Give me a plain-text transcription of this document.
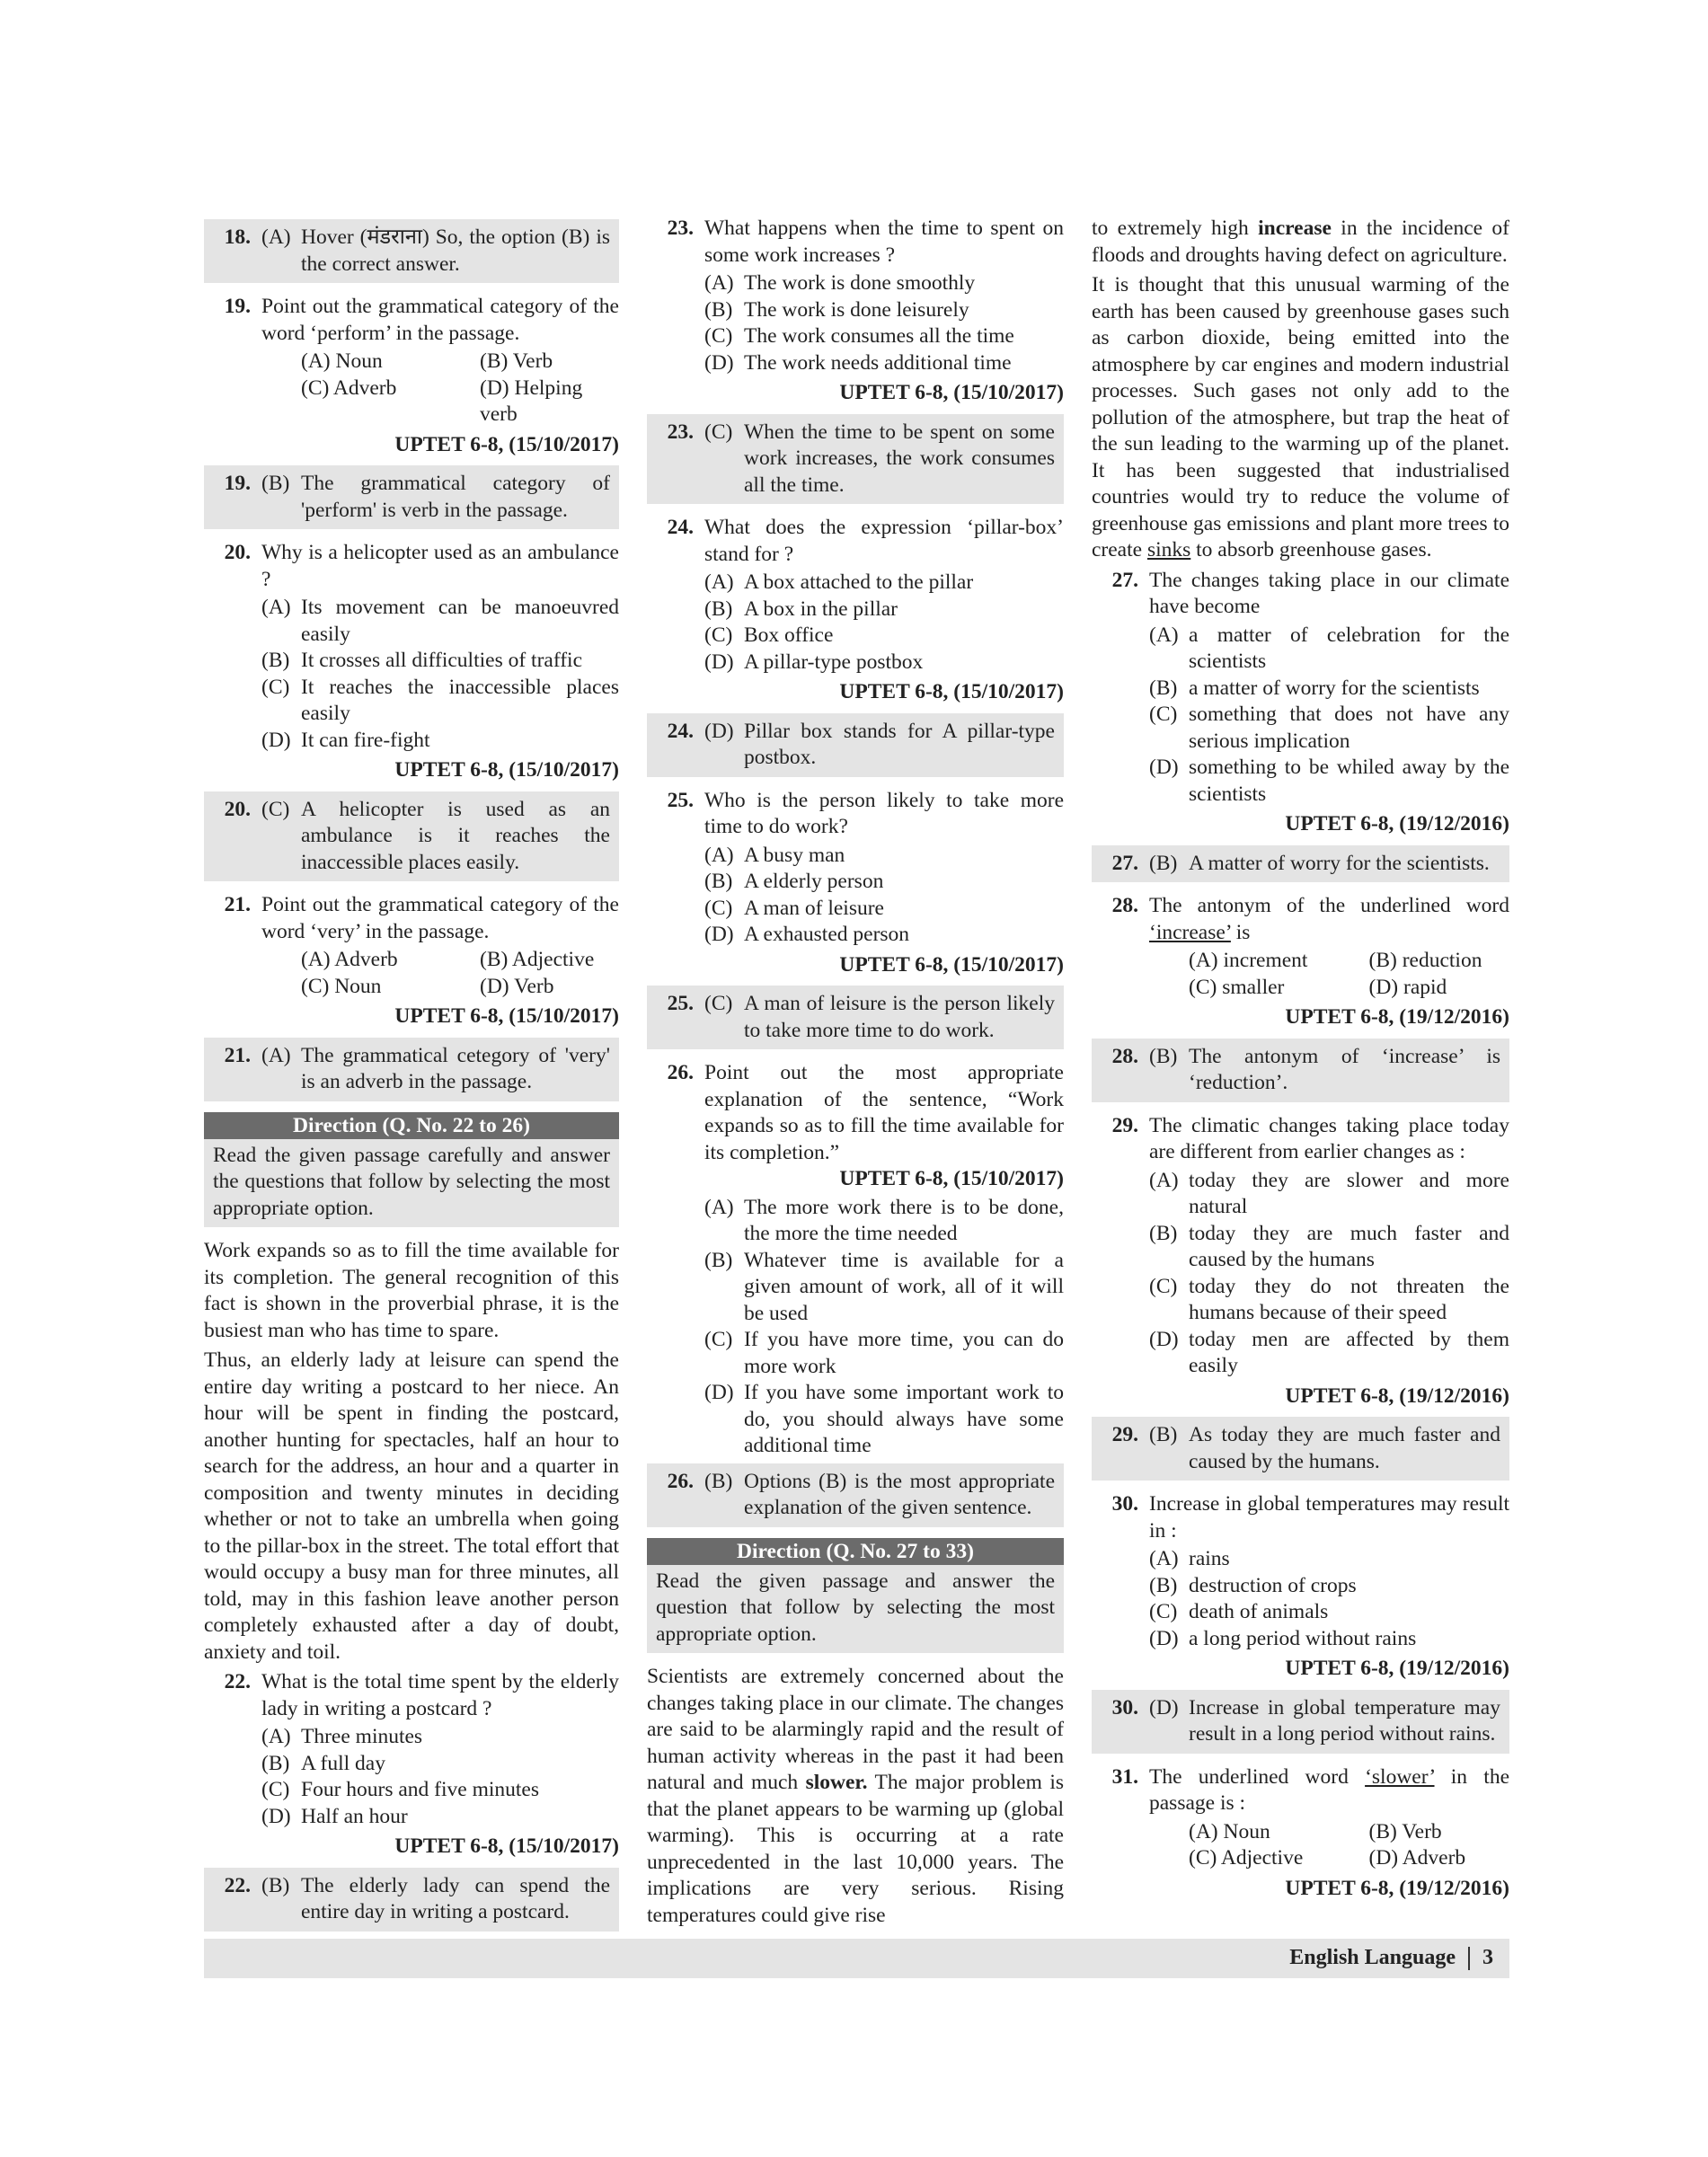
18. (A) Hover (मंडराना) So, the option (B) is the correct answer.
19. Point out the grammatical category of the word ‘perform’ in the passage.
(A) Noun	(B) Verb
(C) Adverb	(D) Helping verb
UPTET 6-8, (15/10/2017)
19. (B) The grammatical category of 'perform' is verb in the passage.
20. Why is a helicopter used as an ambulance ?
(A) Its movement can be manoeuvred easily
(B) It crosses all difficulties of traffic
(C) It reaches the inaccessible places easily
(D) It can fire-fight
UPTET 6-8, (15/10/2017)
20. (C) A helicopter is used as an ambulance is it reaches the inaccessible places easily.
21. Point out the grammatical category of the word ‘very’ in the passage.
(A) Adverb	(B) Adjective
(C) Noun	(D) Verb
UPTET 6-8, (15/10/2017)
21. (A) The grammatical cetegory of 'very' is an adverb in the passage.
Direction (Q. No. 22 to 26)
Read the given passage carefully and answer the questions that follow by selecting the most appropriate option.
Work expands so as to fill the time available for its completion. The general recognition of this fact is shown in the proverbial phrase, it is the busiest man who has time to spare.
Thus, an elderly lady at leisure can spend the entire day writing a postcard to her niece. An hour will be spent in finding the postcard, another hunting for spectacles, half an hour to search for the address, an hour and a quarter in composition and twenty minutes in deciding whether or not to take an umbrella when going to the pillar-box in the street. The total effort that would occupy a busy man for three minutes, all told, may in this fashion leave another person completely exhausted after a day of doubt, anxiety and toil.
22. What is the total time spent by the elderly lady in writing a postcard ?
(A) Three minutes
(B) A full day
(C) Four hours and five minutes
(D) Half an hour
UPTET 6-8, (15/10/2017)
22. (B) The elderly lady can spend the entire day in writing a postcard.
23. What happens when the time to spent on some work increases ?
(A) The work is done smoothly
(B) The work is done leisurely
(C) The work consumes all the time
(D) The work needs additional time
UPTET 6-8, (15/10/2017)
23. (C) When the time to be spent on some work increases, the work consumes all the time.
24. What does the expression ‘pillar-box’ stand for ?
(A) A box attached to the pillar
(B) A box in the pillar
(C) Box office
(D) A pillar-type postbox
UPTET 6-8, (15/10/2017)
24. (D) Pillar box stands for A pillar-type postbox.
25. Who is the person likely to take more time to do work?
(A) A busy man
(B) A elderly person
(C) A man of leisure
(D) A exhausted person
UPTET 6-8, (15/10/2017)
25. (C) A man of leisure is the person likely to take more time to do work.
26. Point out the most appropriate explanation of the sentence, “Work expands so as to fill the time available for its completion.”
UPTET 6-8, (15/10/2017)
(A) The more work there is to be done, the more the time needed
(B) Whatever time is available for a given amount of work, all of it will be used
(C) If you have more time, you can do more work
(D) If you have some important work to do, you should always have some additional time
26. (B) Options (B) is the most appropriate explanation of the given sentence.
Direction (Q. No. 27 to 33)
Read the given passage and answer the question that follow by selecting the most appropriate option.
Scientists are extremely concerned about the changes taking place in our climate. The changes are said to be alarmingly rapid and the result of human activity whereas in the past it had been natural and much slower. The major problem is that the planet appears to be warming up (global warming). This is occurring at a rate unprecedented in the last 10,000 years. The implications are very serious. Rising temperatures could give rise
to extremely high increase in the incidence of floods and droughts having defect on agriculture.
It is thought that this unusual warming of the earth has been caused by greenhouse gases such as carbon dioxide, being emitted into the atmosphere by car engines and modern industrial processes. Such gases not only add to the pollution of the atmosphere, but trap the heat of the sun leading to the warming up of the planet. It has been suggested that industrialised countries would try to reduce the volume of greenhouse gas emissions and plant more trees to create sinks to absorb greenhouse gases.
27. The changes taking place in our climate have become
(A) a matter of celebration for the scientists
(B) a matter of worry for the scientists
(C) something that does not have any serious implication
(D) something to be whiled away by the scientists
UPTET 6-8, (19/12/2016)
27. (B) A matter of worry for the scientists.
28. The antonym of the underlined word ‘increase’ is
(A) increment	(B) reduction
(C) smaller	(D) rapid
UPTET 6-8, (19/12/2016)
28. (B) The antonym of ‘increase’ is ‘reduction’.
29. The climatic changes taking place today are different from earlier changes as :
(A) today they are slower and more natural
(B) today they are much faster and caused by the humans
(C) today they do not threaten the humans because of their speed
(D) today men are affected by them easily
UPTET 6-8, (19/12/2016)
29. (B) As today they are much faster and caused by the humans.
30. Increase in global temperatures may result in :
(A) rains
(B) destruction of crops
(C) death of animals
(D) a long period without rains
UPTET 6-8, (19/12/2016)
30. (D) Increase in global temperature may result in a long period without rains.
31. The underlined word ‘slower’ in the passage is :
(A) Noun	(B) Verb
(C) Adjective	(D) Adverb
UPTET 6-8, (19/12/2016)
English Language 3
